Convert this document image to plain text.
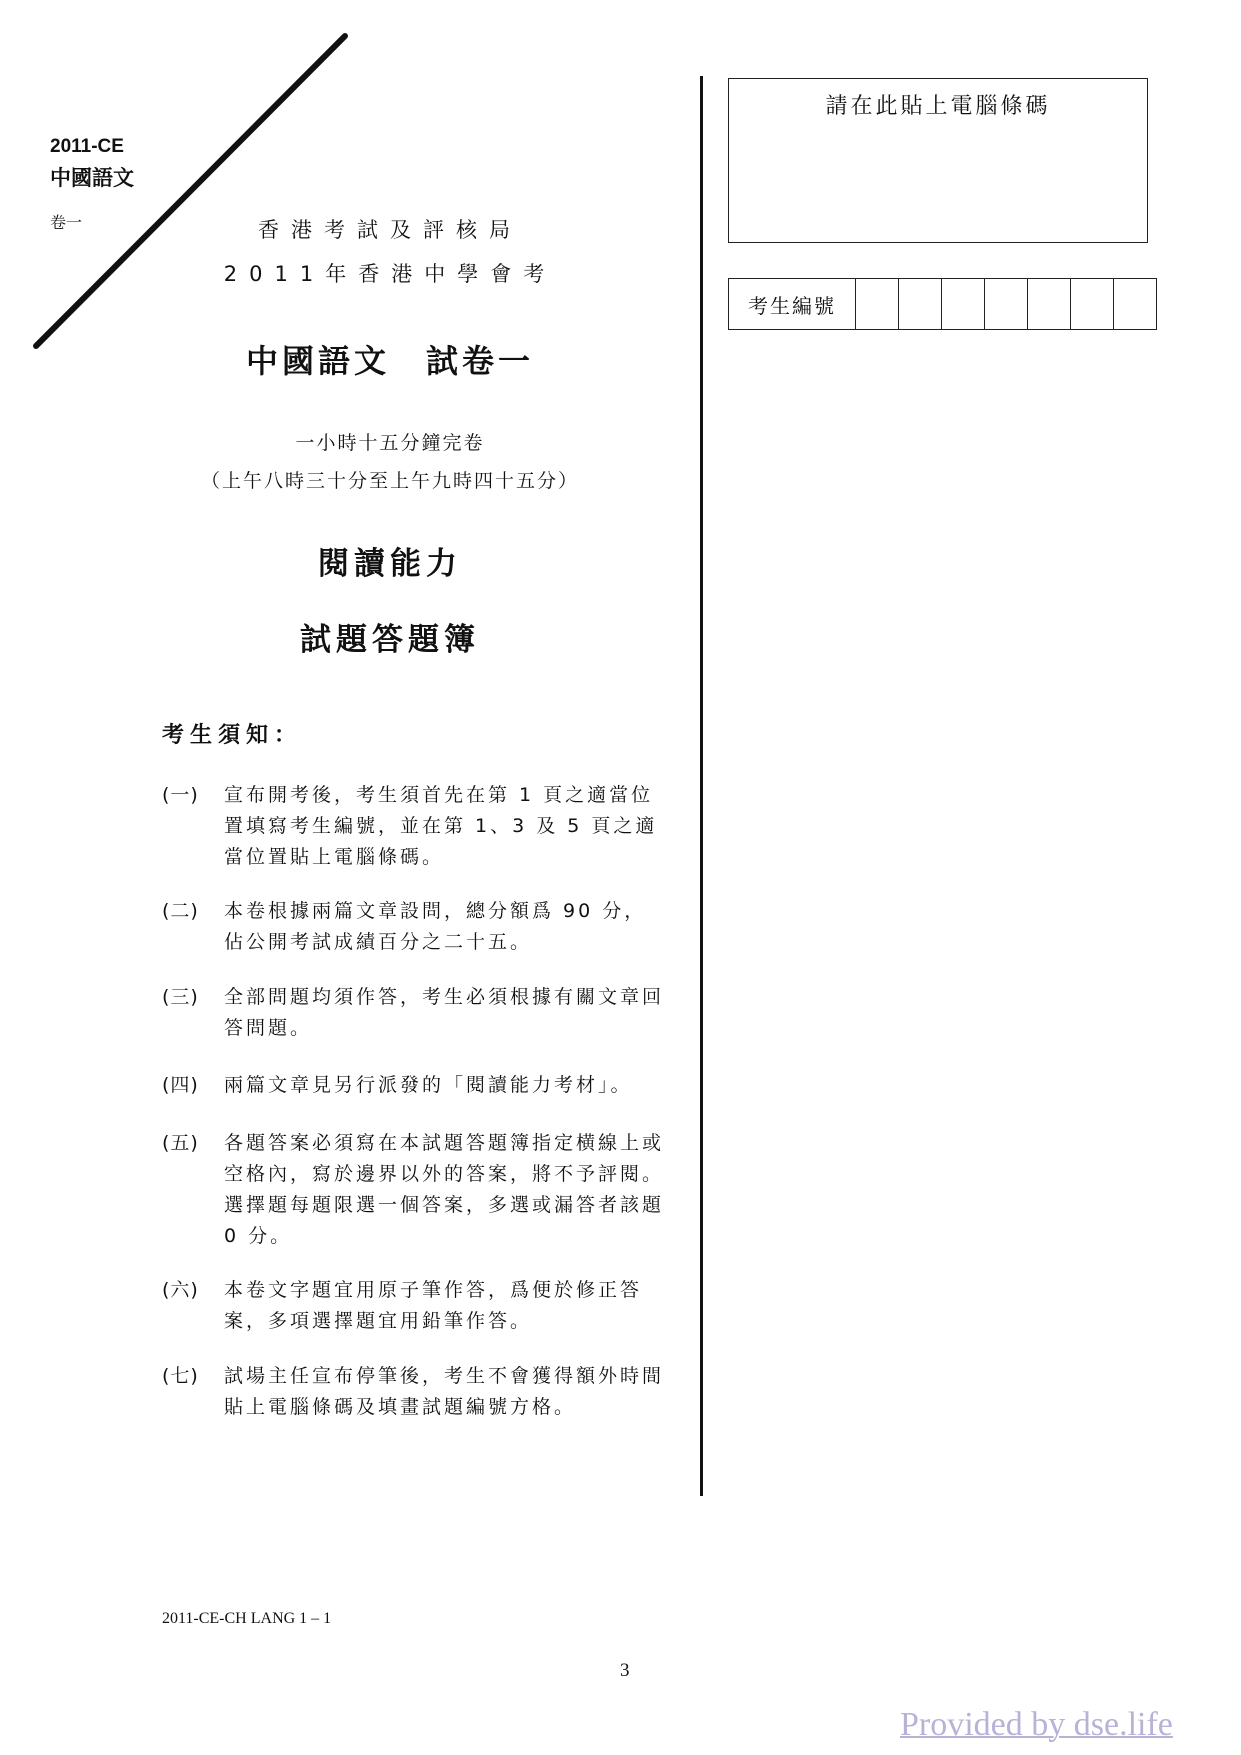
2011-CE
中國語文
卷一	香港考試及評核局
2011年香港中學會考
中國語文　試卷一
一小時十五分鐘完卷
（上午八時三十分至上午九時四十五分）
閱讀能力
試題答題簿
考生須知：
(一)	宣布開考後，考生須首先在第 1 頁之適當位置填寫考生編號，並在第 1、3 及 5 頁之適當位置貼上電腦條碼。
(二)	本卷根據兩篇文章設問，總分額爲 90 分，佔公開考試成績百分之二十五。
(三)	全部問題均須作答，考生必須根據有關文章回答問題。
(四)	兩篇文章見另行派發的「閱讀能力考材」。
(五)	各題答案必須寫在本試題答題簿指定横線上或空格內，寫於邊界以外的答案，將不予評閱。選擇題每題限選一個答案，多選或漏答者該題 0 分。
(六)	本卷文字題宜用原子筆作答，爲便於修正答案，多項選擇題宜用鉛筆作答。
(七)	試場主任宣布停筆後，考生不會獲得額外時間貼上電腦條碼及填畫試題編號方格。
請在此貼上電腦條碼
考生編號
2011-CE-CH LANG 1 – 1
3
Provided by dse.life
